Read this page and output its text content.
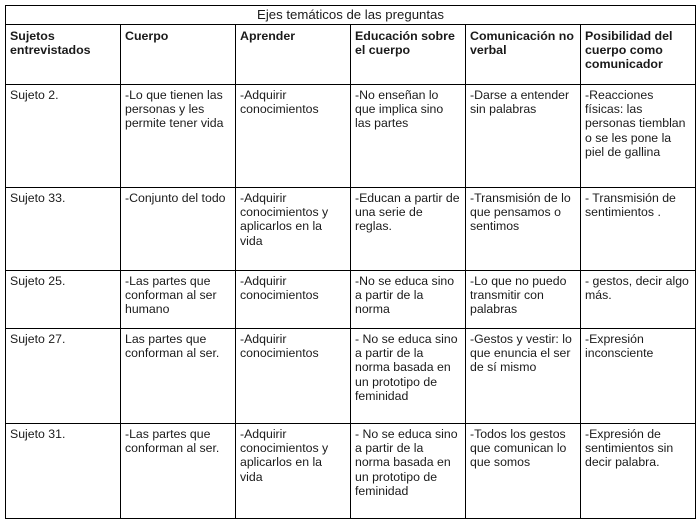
Ejes temáticos de las preguntas					
Sujetos entrevistados	Cuerpo	Aprender	Educación sobre el cuerpo	Comunicación no verbal	Posibilidad del cuerpo como comunicador
Sujeto 2.	-Lo que tienen las personas y les permite tener vida	-Adquirir conocimientos	-No enseñan lo que implica sino las partes	-Darse a entender sin palabras	-Reacciones físicas: las personas tiemblan o se les pone la piel de gallina
Sujeto 33.	-Conjunto del todo	-Adquirir conocimientos y aplicarlos en la vida	-Educan a partir de una serie de reglas.	-Transmisión de lo que pensamos o sentimos	- Transmisión de sentimientos .
Sujeto 25.	-Las partes que conforman al ser humano	-Adquirir conocimientos	-No se educa sino a partir de la norma	-Lo que no puedo transmitir con palabras	- gestos, decir algo más.
Sujeto 27.	Las partes que conforman al ser.	-Adquirir conocimientos	- No se educa sino a partir de la norma basada en un prototipo de feminidad	-Gestos y vestir: lo que enuncia el ser de sí mismo	-Expresión inconsciente
Sujeto 31.	-Las partes que conforman al ser.	-Adquirir conocimientos y aplicarlos en la vida	- No se educa sino a partir de la norma basada en un prototipo de feminidad	-Todos los gestos que comunican lo que somos	-Expresión de sentimientos sin decir palabra.
